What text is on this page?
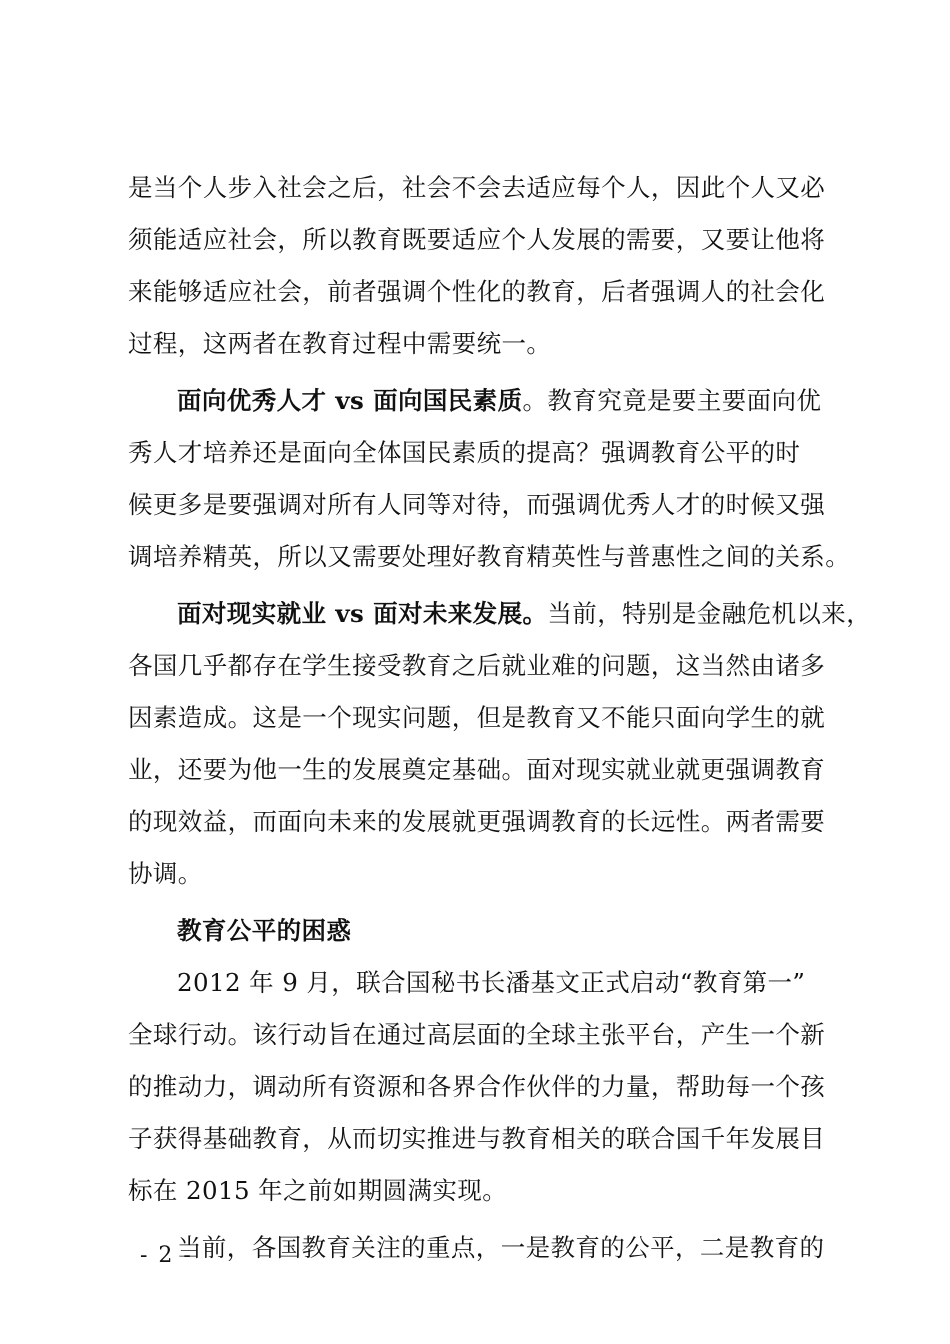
是当个人步入社会之后，社会不会去适应每个人，因此个人又必
须能适应社会，所以教育既要适应个人发展的需要，又要让他将
来能够适应社会，前者强调个性化的教育，后者强调人的社会化
过程，这两者在教育过程中需要统一。
面向优秀人才 vs 面向国民素质。教育究竟是要主要面向优
秀人才培养还是面向全体国民素质的提高？强调教育公平的时
候更多是要强调对所有人同等对待，而强调优秀人才的时候又强
调培养精英，所以又需要处理好教育精英性与普惠性之间的关系。
面对现实就业 vs 面对未来发展。当前，特别是金融危机以来，
各国几乎都存在学生接受教育之后就业难的问题，这当然由诸多
因素造成。这是一个现实问题，但是教育又不能只面向学生的就
业，还要为他一生的发展奠定基础。面对现实就业就更强调教育
的现效益，而面向未来的发展就更强调教育的长远性。两者需要
协调。
教育公平的困惑
2012 年 9 月，联合国秘书长潘基文正式启动“教育第一”
全球行动。该行动旨在通过高层面的全球主张平台，产生一个新
的推动力，调动所有资源和各界合作伙伴的力量，帮助每一个孩
子获得基础教育，从而切实推进与教育相关的联合国千年发展目
标在 2015 年之前如期圆满实现。
当前，各国教育关注的重点，一是教育的公平，二是教育的
- 2 -
